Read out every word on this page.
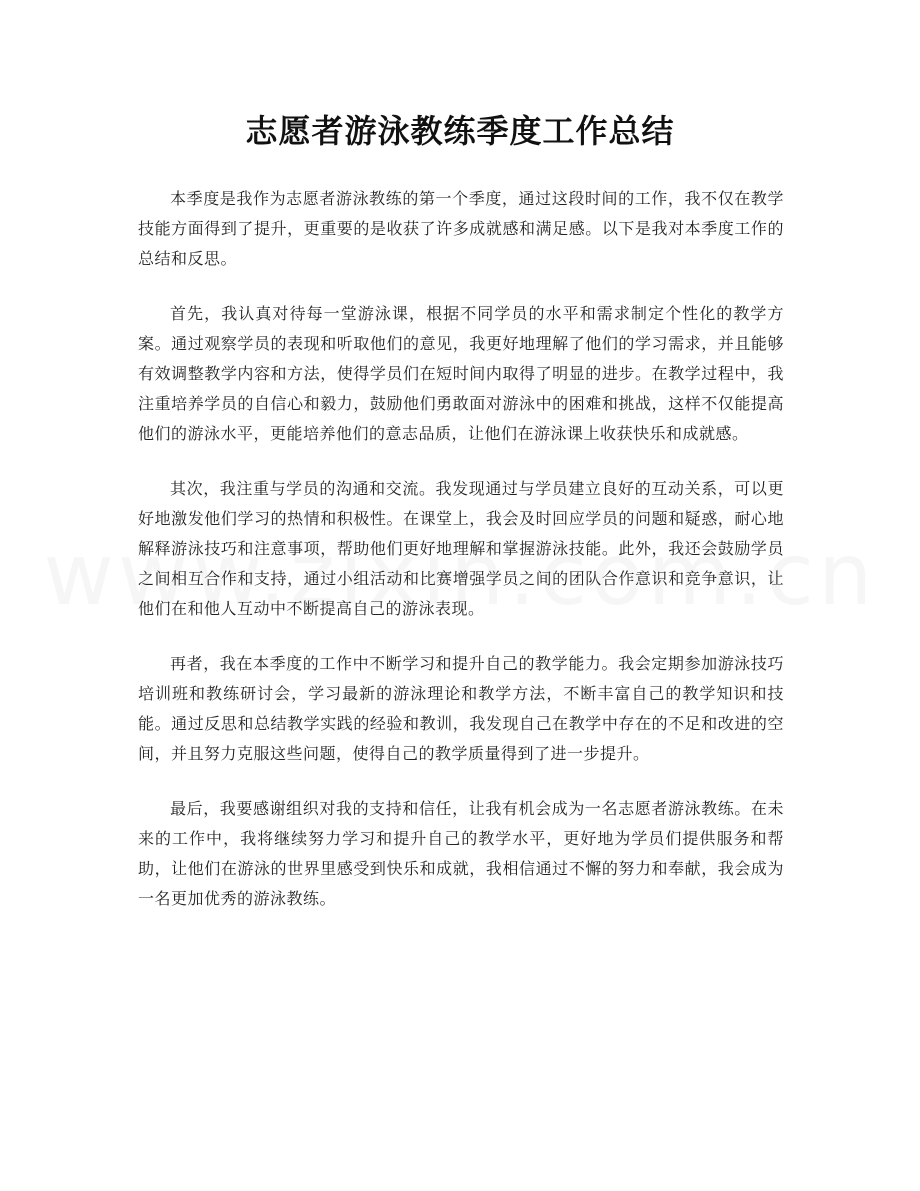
志愿者游泳教练季度工作总结

本季度是我作为志愿者游泳教练的第一个季度，通过这段时间的工作，我不仅在教学技能方面得到了提升，更重要的是收获了许多成就感和满足感。以下是我对本季度工作的总结和反思。

首先，我认真对待每一堂游泳课，根据不同学员的水平和需求制定个性化的教学方案。通过观察学员的表现和听取他们的意见，我更好地理解了他们的学习需求，并且能够有效调整教学内容和方法，使得学员们在短时间内取得了明显的进步。在教学过程中，我注重培养学员的自信心和毅力，鼓励他们勇敢面对游泳中的困难和挑战，这样不仅能提高他们的游泳水平，更能培养他们的意志品质，让他们在游泳课上收获快乐和成就感。

其次，我注重与学员的沟通和交流。我发现通过与学员建立良好的互动关系，可以更好地激发他们学习的热情和积极性。在课堂上，我会及时回应学员的问题和疑惑，耐心地解释游泳技巧和注意事项，帮助他们更好地理解和掌握游泳技能。此外，我还会鼓励学员之间相互合作和支持，通过小组活动和比赛增强学员之间的团队合作意识和竞争意识，让他们在和他人互动中不断提高自己的游泳表现。

再者，我在本季度的工作中不断学习和提升自己的教学能力。我会定期参加游泳技巧培训班和教练研讨会，学习最新的游泳理论和教学方法，不断丰富自己的教学知识和技能。通过反思和总结教学实践的经验和教训，我发现自己在教学中存在的不足和改进的空间，并且努力克服这些问题，使得自己的教学质量得到了进一步提升。

最后，我要感谢组织对我的支持和信任，让我有机会成为一名志愿者游泳教练。在未来的工作中，我将继续努力学习和提升自己的教学水平，更好地为学员们提供服务和帮助，让他们在游泳的世界里感受到快乐和成就，我相信通过不懈的努力和奉献，我会成为一名更加优秀的游泳教练。
